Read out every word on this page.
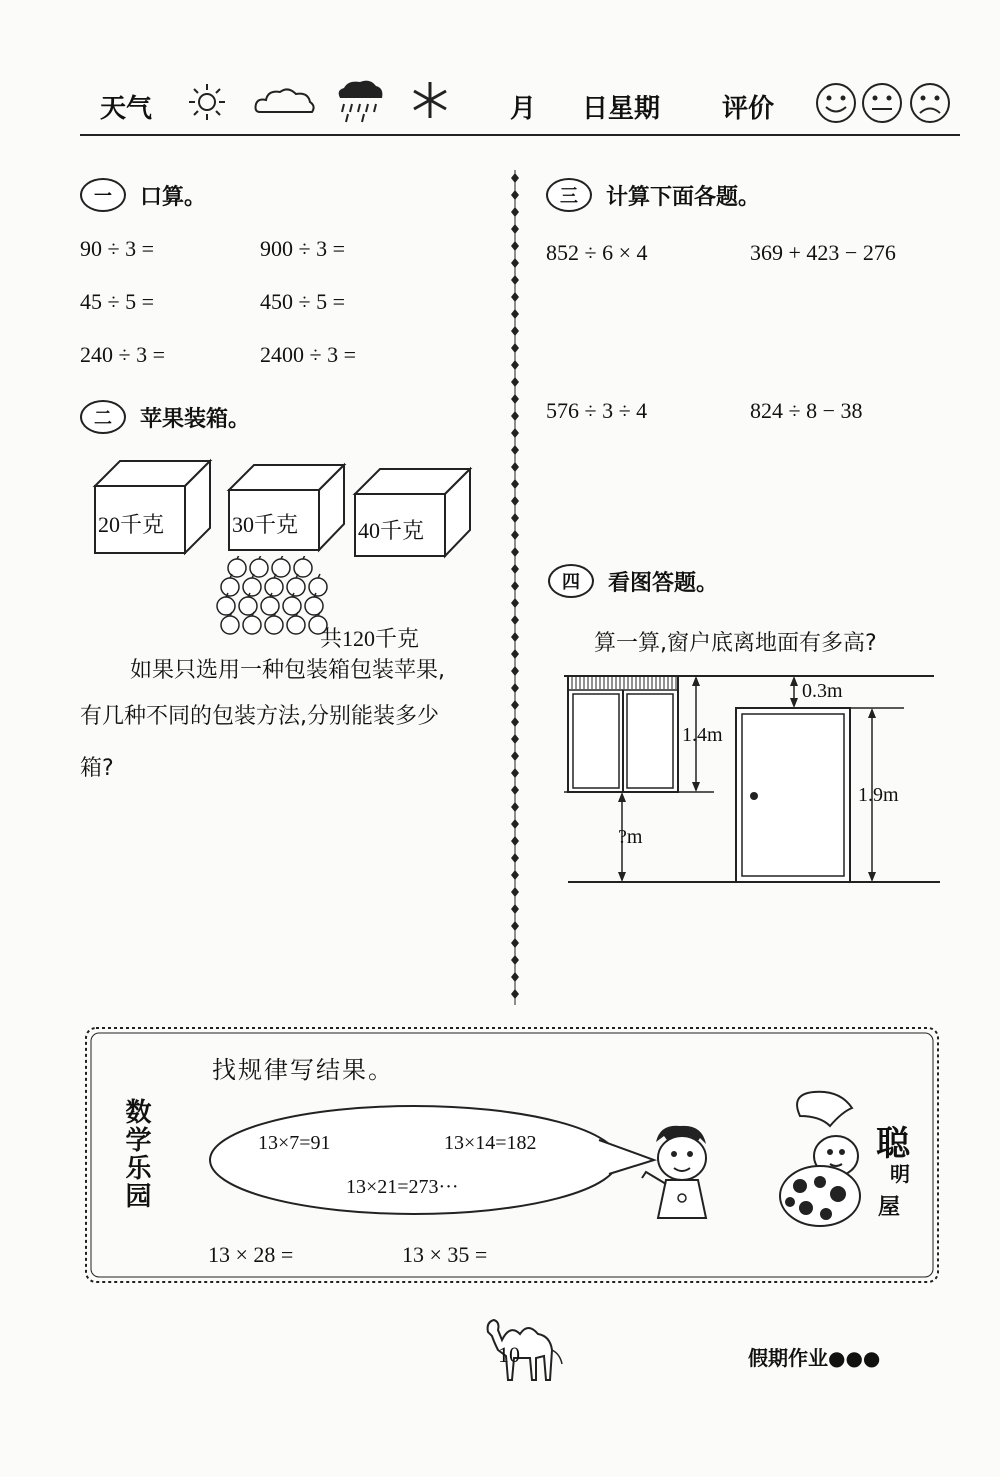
天气	月 日星期 评价
一	口算。
90 ÷ 3 =	900 ÷ 3 =
45 ÷ 5 =	450 ÷ 5 =
240 ÷ 3 =	2400 ÷ 3 =
二	苹果装箱。
20千克	30千克	40千克
共120千克
如果只选用一种包装箱包装苹果,
有几种不同的包装方法,分别能装多少
箱?
三	计算下面各题。
852 ÷ 6 × 4	369 + 423 − 276
576 ÷ 3 ÷ 4	824 ÷ 8 − 38
四	看图答题。
算一算,窗户底离地面有多高?
0.3m
1.4m
1.9m
?m
数学乐园
找规律写结果。
13×7=91	13×14=182
13×21=273···
13 × 28 =	13 × 35 =
聪
明
屋
10	假期作业●●●
